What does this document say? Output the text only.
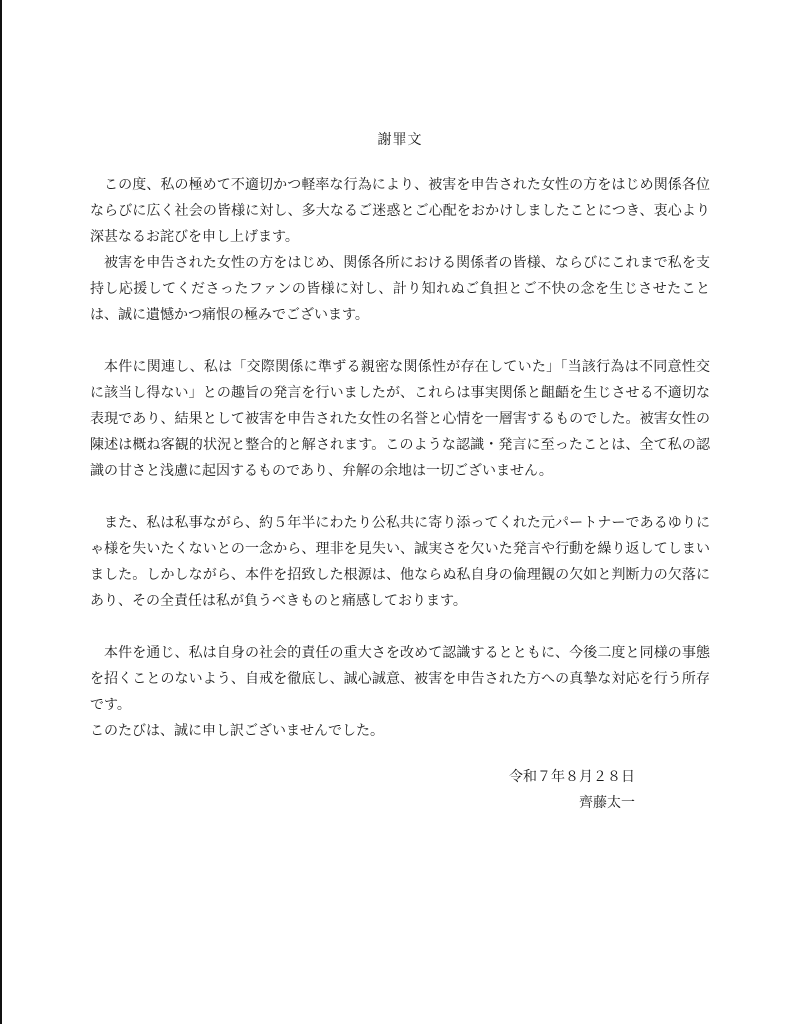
謝罪文

この度、私の極めて不適切かつ軽率な行為により、被害を申告された女性の方をはじめ関係各位ならびに広く社会の皆様に対し、多大なるご迷惑とご心配をおかけしましたことにつき、衷心より深甚なるお詫びを申し上げます。

被害を申告された女性の方をはじめ、関係各所における関係者の皆様、ならびにこれまで私を支持し応援してくださったファンの皆様に対し、計り知れぬご負担とご不快の念を生じさせたことは、誠に遺憾かつ痛恨の極みでございます。

本件に関連し、私は「交際関係に準ずる親密な関係性が存在していた」「当該行為は不同意性交に該当し得ない」との趣旨の発言を行いましたが、これらは事実関係と齟齬を生じさせる不適切な表現であり、結果として被害を申告された女性の名誉と心情を一層害するものでした。被害女性の陳述は概ね客観的状況と整合的と解されます。このような認識・発言に至ったことは、全て私の認識の甘さと浅慮に起因するものであり、弁解の余地は一切ございません。

また、私は私事ながら、約５年半にわたり公私共に寄り添ってくれた元パートナーであるゆりにゃ様を失いたくないとの一念から、理非を見失い、誠実さを欠いた発言や行動を繰り返してしまいました。しかしながら、本件を招致した根源は、他ならぬ私自身の倫理観の欠如と判断力の欠落にあり、その全責任は私が負うべきものと痛感しております。

本件を通じ、私は自身の社会的責任の重大さを改めて認識するとともに、今後二度と同様の事態を招くことのないよう、自戒を徹底し、誠心誠意、被害を申告された方への真摯な対応を行う所存です。

このたびは、誠に申し訳ございませんでした。

令和７年８月２８日
齊藤太一
